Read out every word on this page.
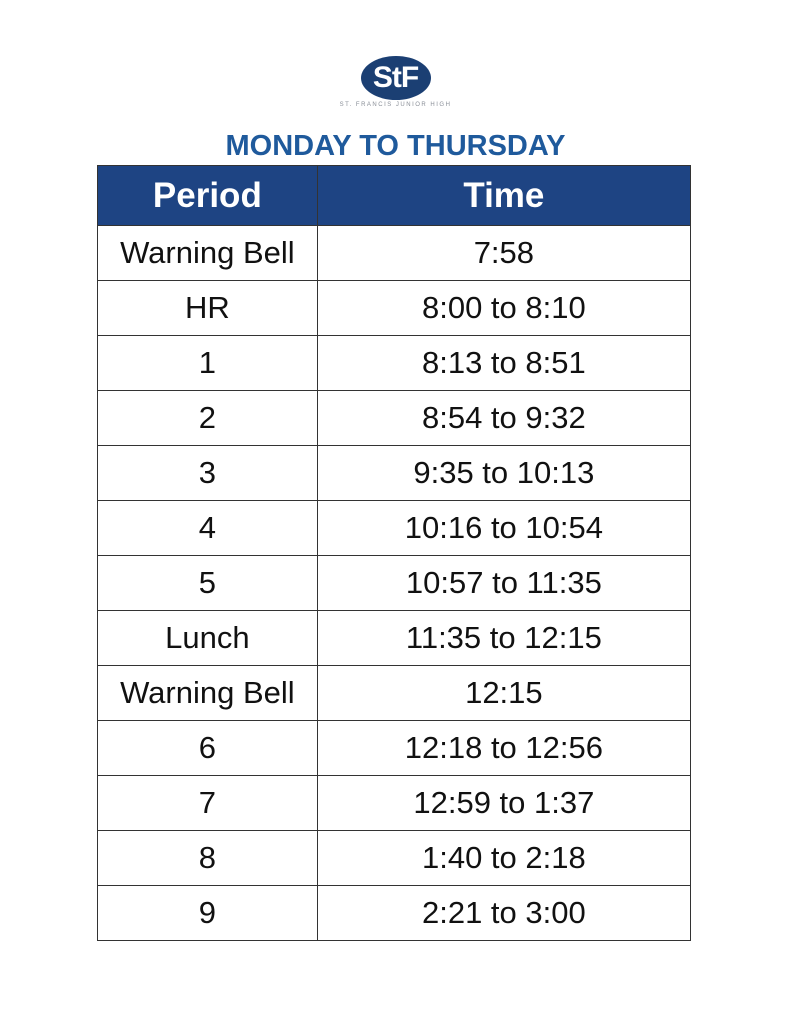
StF
ST. FRANCIS JUNIOR HIGH
MONDAY TO THURSDAY
Period	Time
Warning Bell	7:58
HR	8:00 to 8:10
1	8:13 to 8:51
2	8:54 to 9:32
3	9:35 to 10:13
4	10:16 to 10:54
5	10:57 to 11:35
Lunch	11:35 to 12:15
Warning Bell	12:15
6	12:18 to 12:56
7	12:59 to 1:37
8	1:40 to 2:18
9	2:21 to 3:00
